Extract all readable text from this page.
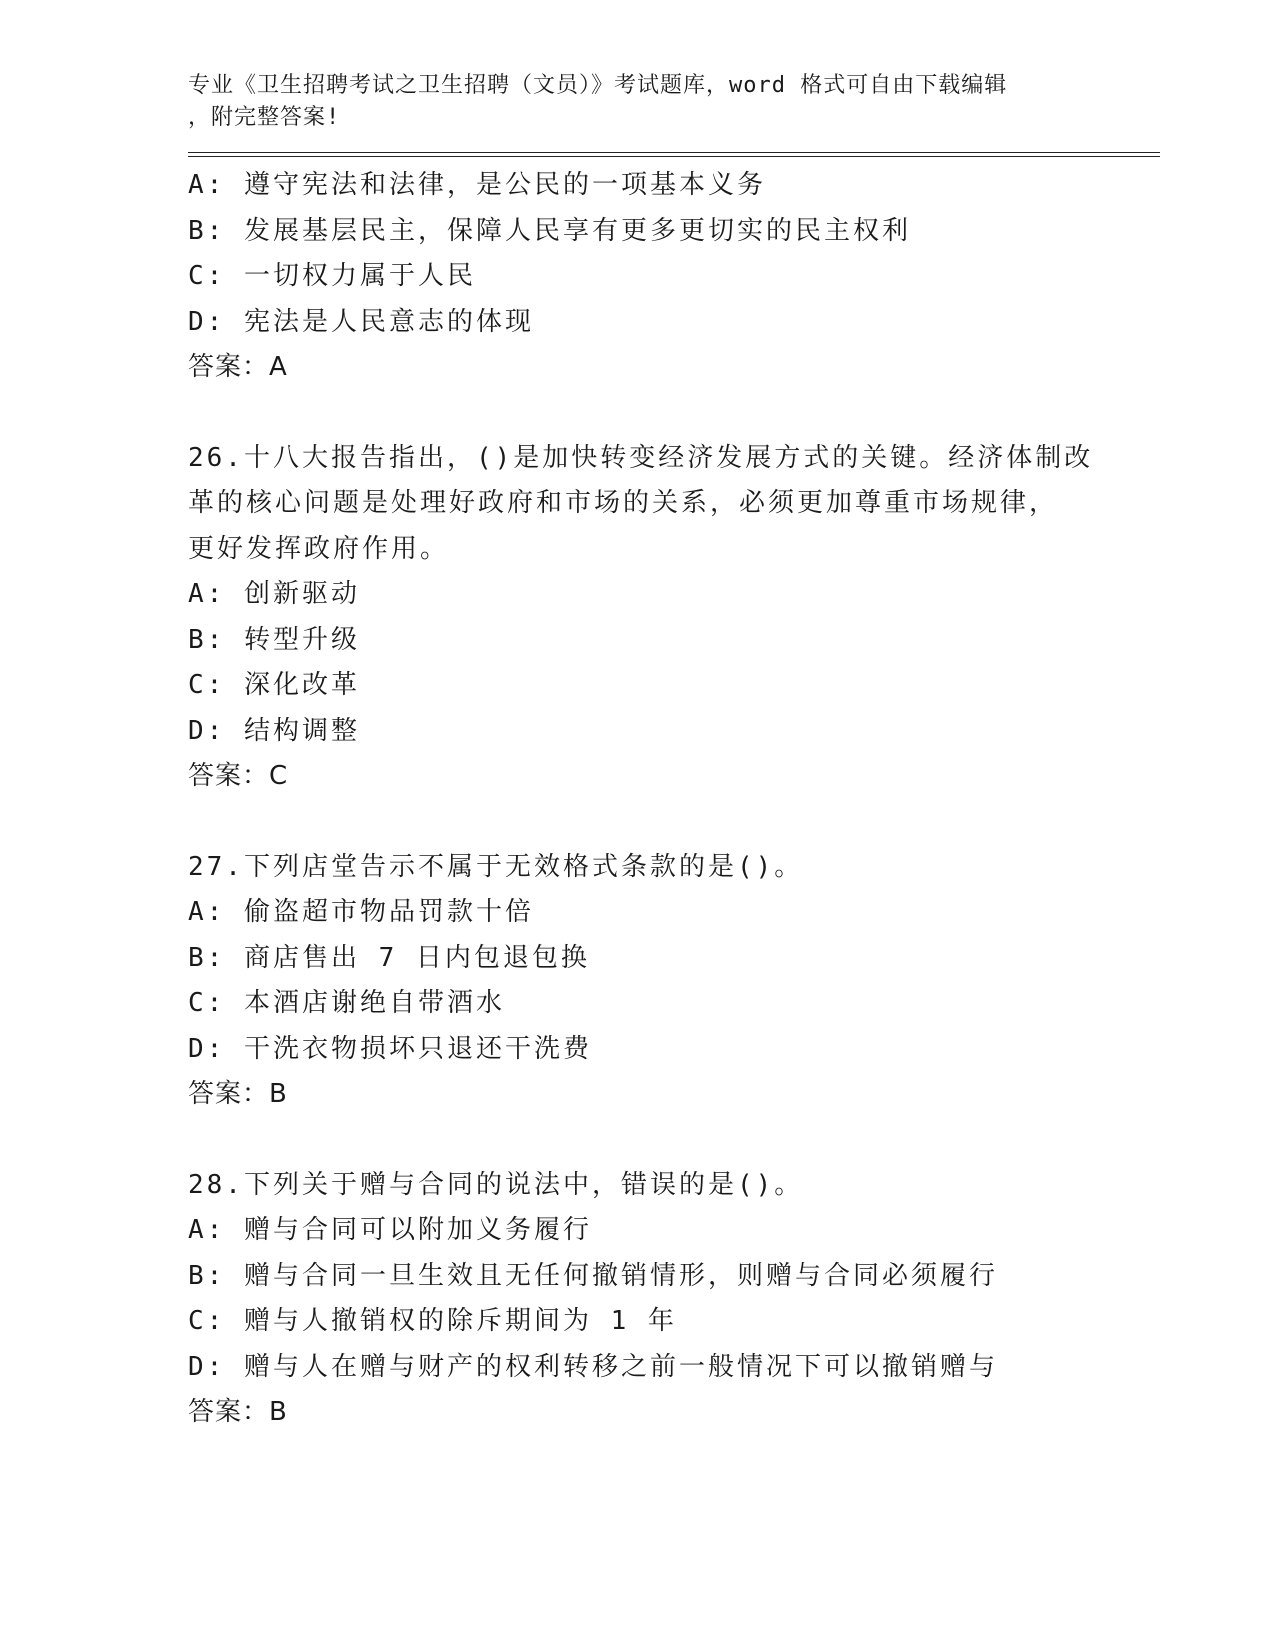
专业《卫生招聘考试之卫生招聘（文员）》考试题库，word 格式可自由下载编辑

，附完整答案!

A: 遵守宪法和法律，是公民的一项基本义务
B: 发展基层民主，保障人民享有更多更切实的民主权利
C: 一切权力属于人民
D: 宪法是人民意志的体现
答案：A
26.十八大报告指出，()是加快转变经济发展方式的关键。经济体制改
革的核心问题是处理好政府和市场的关系，必须更加尊重市场规律，
更好发挥政府作用。
A: 创新驱动
B: 转型升级
C: 深化改革
D: 结构调整
答案：C
27.下列店堂告示不属于无效格式条款的是()。
A: 偷盗超市物品罚款十倍
B: 商店售出 7 日内包退包换
C: 本酒店谢绝自带酒水
D: 干洗衣物损坏只退还干洗费
答案：B
28.下列关于赠与合同的说法中，错误的是()。
A: 赠与合同可以附加义务履行
B: 赠与合同一旦生效且无任何撤销情形，则赠与合同必须履行
C: 赠与人撤销权的除斥期间为 1 年
D: 赠与人在赠与财产的权利转移之前一般情况下可以撤销赠与
答案：B
